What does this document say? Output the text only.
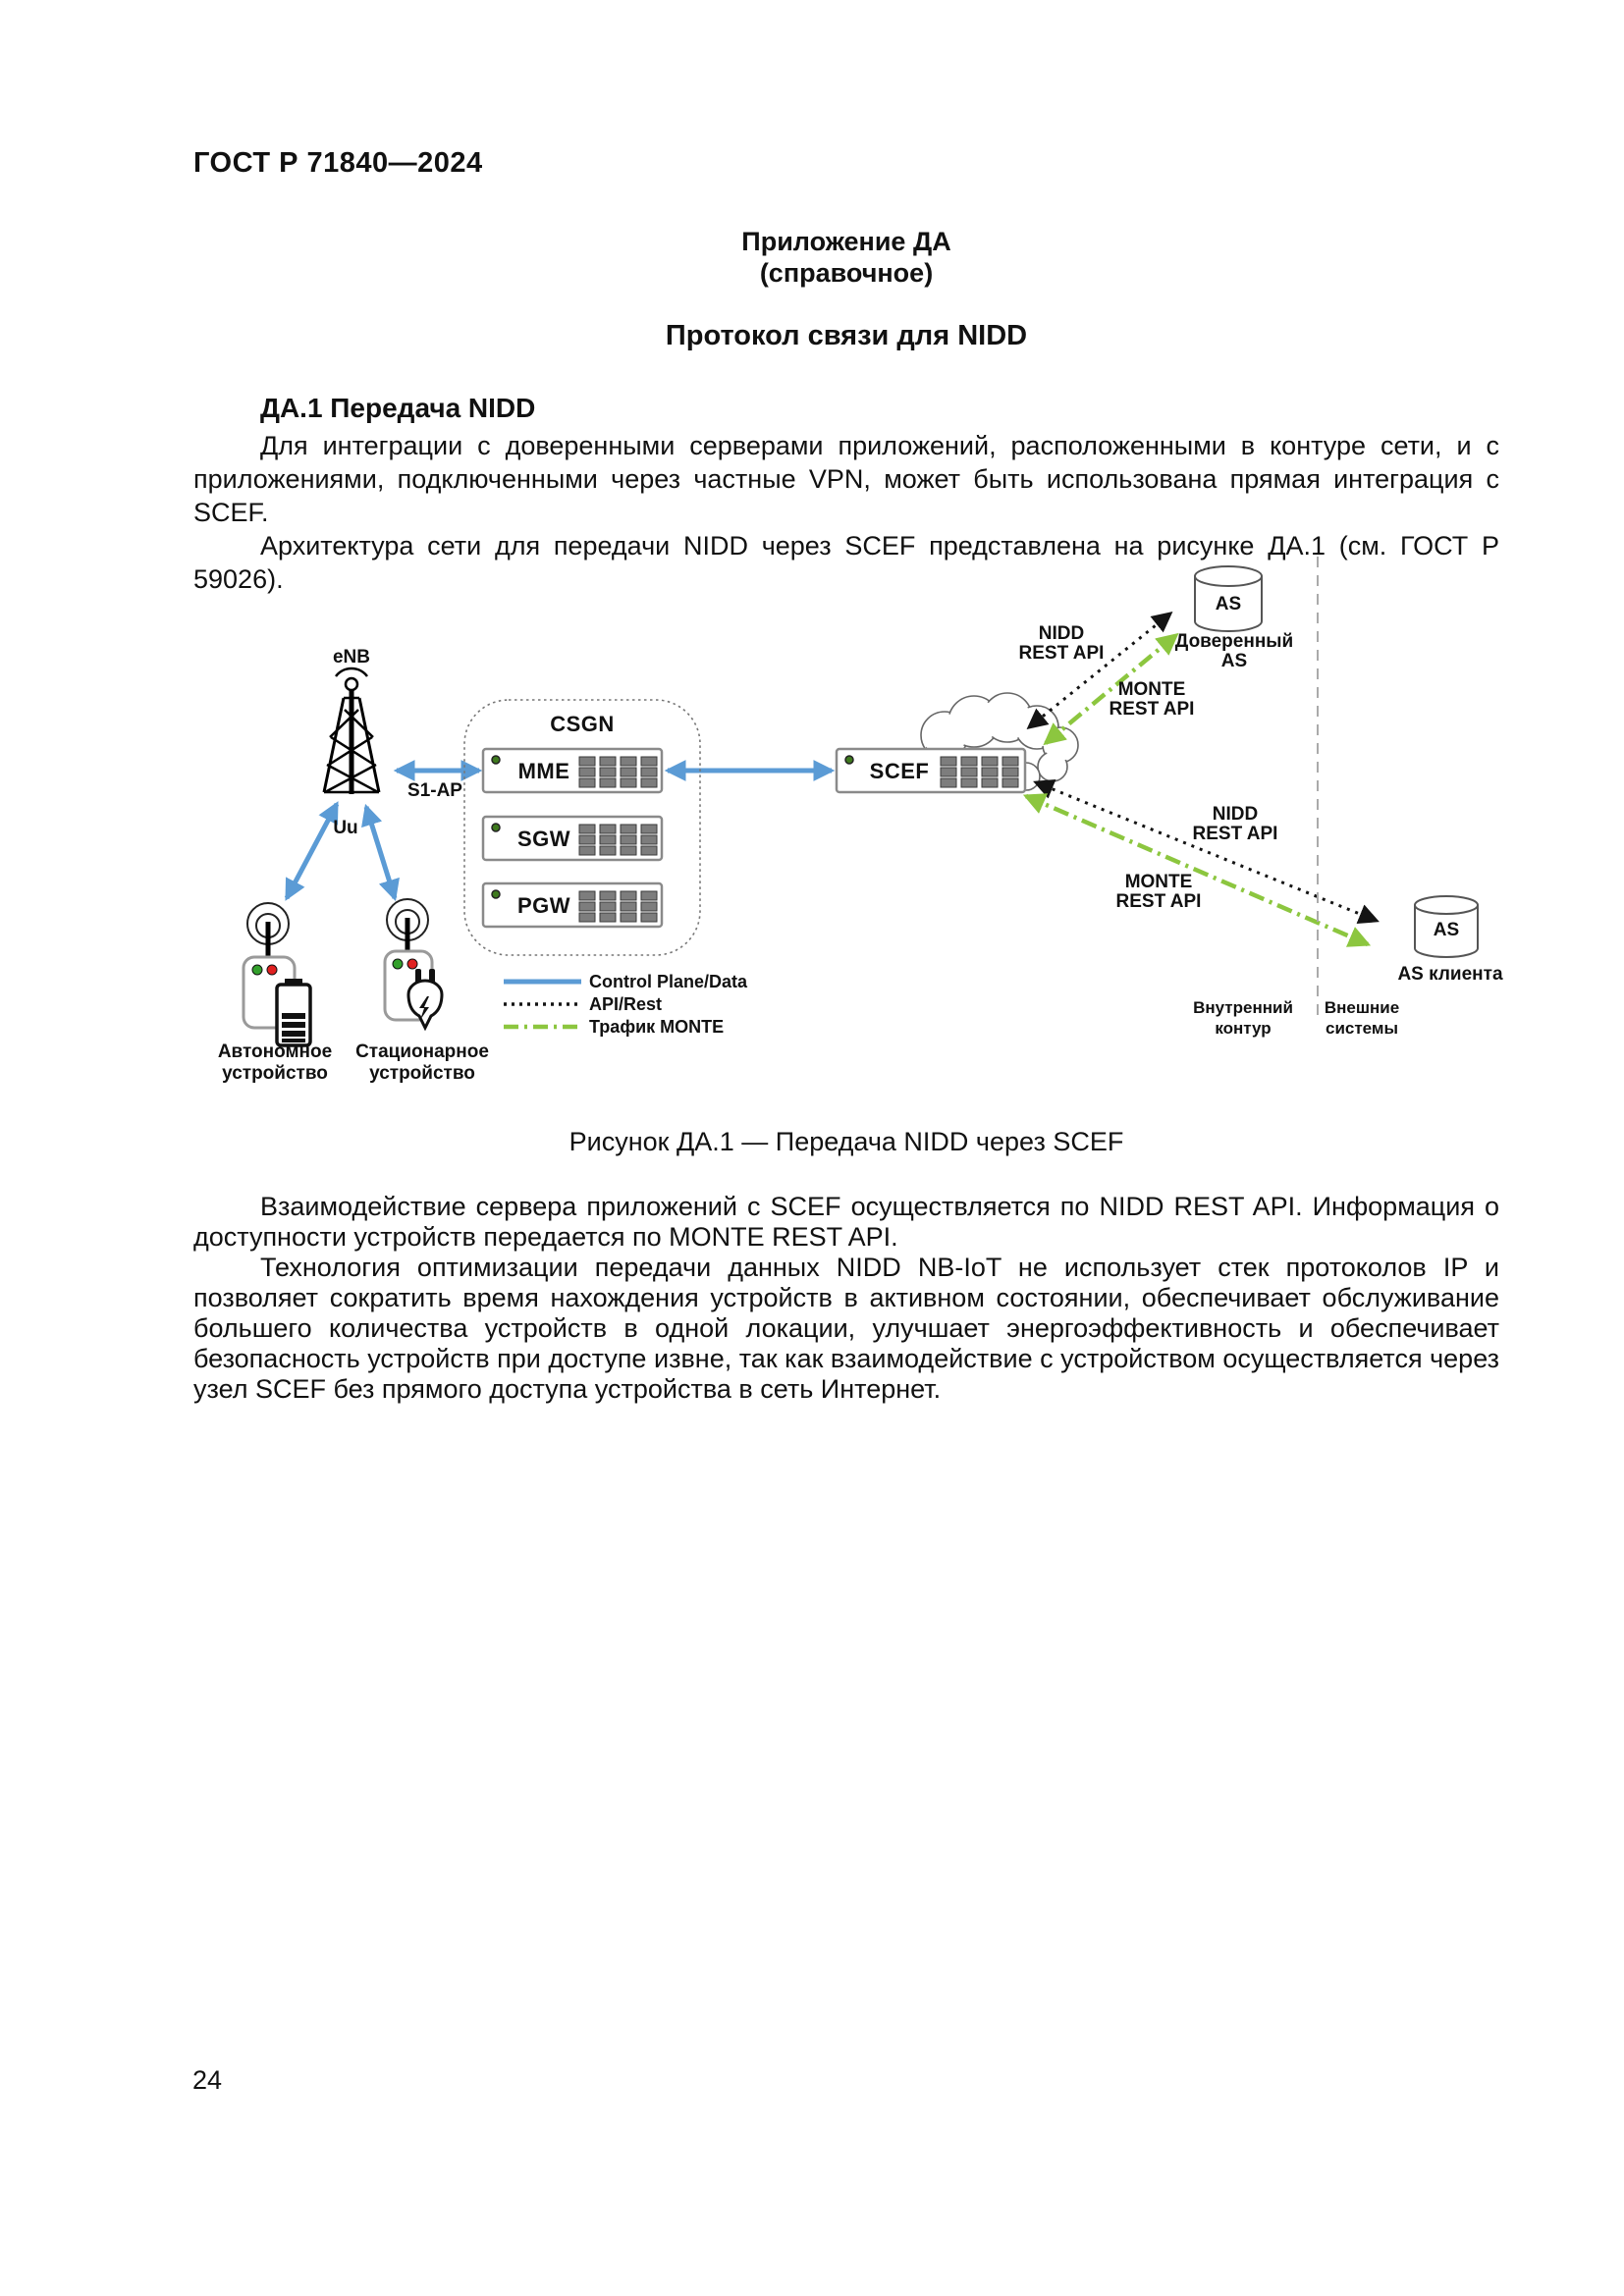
ГОСТ Р 71840—2024
Приложение ДА
(справочное)
Протокол связи для NIDD
ДА.1 Передача NIDD

Для интеграции с доверенными серверами приложений, расположенными в контуре сети, и с приложениями, подключенными через частные VPN, может быть использована прямая интеграция с SCEF.

Архитектура сети для передачи NIDD через SCEF представлена на рисунке ДА.1 (см. ГОСТ Р 59026).

eNB
S1-AP
Uu
CSGN
MME
SGW
PGW
SCEF
AS
Доверенный
AS
NIDD
REST API
MONTE
REST API
NIDD
REST API
MONTE
REST API
AS
AS клиента
Внутренний
контур
Внешние
системы
Автономное
устройство
Стационарное
устройство
Control Plane/Data
API/Rest
Трафик MONTE
Рисунок ДА.1 — Передача NIDD через SCEF

Взаимодействие сервера приложений с SCEF осуществляется по NIDD REST API. Информация о доступности устройств передается по MONTE REST API.

Технология оптимизации передачи данных NIDD NB-IoT не использует стек протоколов IP и позволяет сократить время нахождения устройств в активном состоянии, обеспечивает обслуживание большего количества устройств в одной локации, улучшает энергоэффективность и обеспечивает безопасность устройств при доступе извне, так как взаимодействие с устройством осуществляется через узел SCEF без прямого доступа устройства в сеть Интернет.

24
